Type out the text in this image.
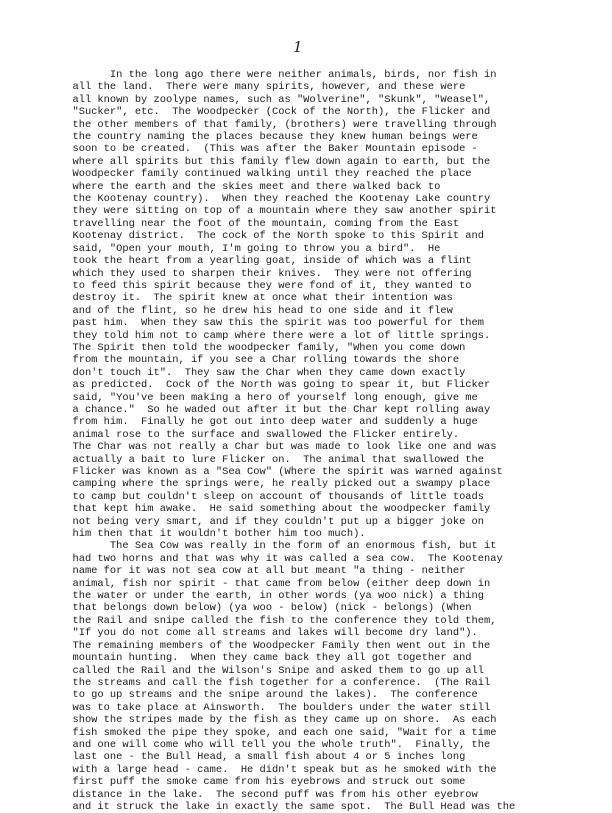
1
In the long ago there were neither animals, birds, nor fish in
all the land.  There were many spirits, however, and these were
all known by zoolype names, such as "Wolverine", "Skunk", "Weasel",
"Sucker", etc.  The Woodpecker (Cock of the North), the Flicker and
the other members of that family, (brothers) were travelling through
the country naming the places because they knew human beings were
soon to be created.  (This was after the Baker Mountain episode -
where all spirits but this family flew down again to earth, but the
Woodpecker family continued walking until they reached the place
where the earth and the skies meet and there walked back to
the Kootenay country).  When they reached the Kootenay Lake country
they were sitting on top of a mountain where they saw another spirit
travelling near the foot of the mountain, coming from the East
Kootenay district.  The cock of the North spoke to this Spirit and
said, "Open your mouth, I'm going to throw you a bird".  He
took the heart from a yearling goat, inside of which was a flint
which they used to sharpen their knives.  They were not offering
to feed this spirit because they were fond of it, they wanted to
destroy it.  The spirit knew at once what their intention was
and of the flint, so he drew his head to one side and it flew
past him.  When they saw this the spirit was too powerful for them
they told him not to camp where there were a lot of little springs.
The Spirit then told the woodpecker family, "When you come down
from the mountain, if you see a Char rolling towards the shore
don't touch it".  They saw the Char when they came down exactly
as predicted.  Cock of the North was going to spear it, but Flicker
said, "You've been making a hero of yourself long enough, give me
a chance."  So he waded out after it but the Char kept rolling away
from him.  Finally he got out into deep water and suddenly a huge
animal rose to the surface and swallowed the Flicker entirely.
The Char was not really a Char but was made to look like one and was
actually a bait to lure Flicker on.  The animal that swallowed the
Flicker was known as a "Sea Cow" (Where the spirit was warned against
camping where the springs were, he really picked out a swampy place
to camp but couldn't sleep on account of thousands of little toads
that kept him awake.  He said something about the woodpecker family
not being very smart, and if they couldn't put up a bigger joke on
him then that it wouldn't bother him too much).
The Sea Cow was really in the form of an enormous fish, but it
had two horns and that was why it was called a sea cow.  The Kootenay
name for it was not sea cow at all but meant "a thing - neither
animal, fish nor spirit - that came from below (either deep down in
the water or under the earth, in other words (ya woo nick) a thing
that belongs down below) (ya woo - below) (nick - belongs) (When
the Rail and snipe called the fish to the conference they told them,
"If you do not come all streams and lakes will become dry land").
The remaining members of the Woodpecker Family then went out in the
mountain hunting.  When they came back they all got together and
called the Rail and the Wilson's Snipe and asked them to go up all
the streams and call the fish together for a conference.  (The Rail
to go up streams and the snipe around the lakes).  The conference
was to take place at Ainsworth.  The boulders under the water still
show the stripes made by the fish as they came up on shore.  As each
fish smoked the pipe they spoke, and each one said, "Wait for a time
and one will come who will tell you the whole truth".  Finally, the
last one - the Bull Head, a small fish about 4 or 5 inches long
with a large head - came.  He didn't speak but as he smoked with the
first puff the smoke came from his eyebrows and struck out some
distance in the lake.  The second puff was from his other eyebrow
and it struck the lake in exactly the same spot.  The Bull Head was the
